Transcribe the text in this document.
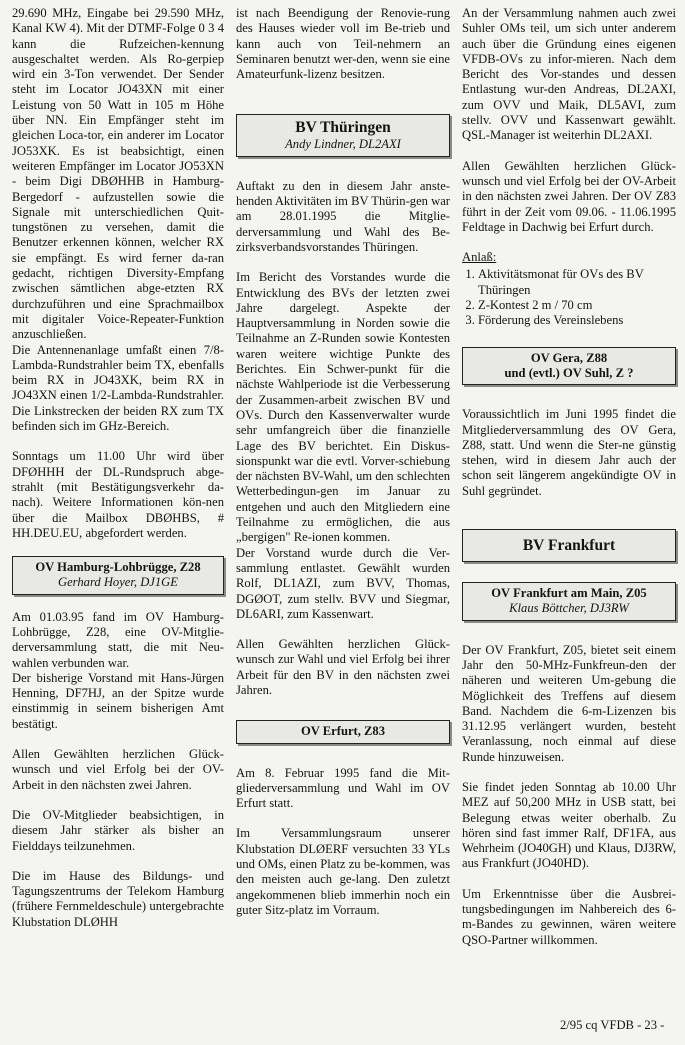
29.690 MHz, Eingabe bei 29.590 MHz, Kanal KW 4). Mit der DTMF-Folge 0 3 4 kann die Rufzeichen-kennung ausgeschaltet werden. Als Ro-gerpiep wird ein 3-Ton verwendet. Der Sender steht im Locator JO43XN mit einer Leistung von 50 Watt in 105 m Höhe über NN. Ein Empfänger steht im gleichen Loca-tor, ein anderer im Locator JO53XK. Es ist beabsichtigt, einen weiteren Empfänger im Locator JO53XN - beim Digi DBØHHB in Hamburg-Bergedorf - aufzustellen sowie die Signale mit unterschiedlichen Quit-tungstönen zu versehen, damit die Benutzer erkennen können, welcher RX sie empfängt. Es wird ferner da-ran gedacht, richtigen Diversity-Empfang zwischen sämtlichen abge-etzten RX durchzuführen und eine Sprachmailbox mit digitaler Voice-Repeater-Funktion anzuschließen.

Die Antennenanlage umfaßt einen 7/8-Lambda-Rundstrahler beim TX, ebenfalls beim RX in JO43XK, beim RX in JO43XN einen 1/2-Lambda-Rundstrahler. Die Linkstrecken der beiden RX zum TX befinden sich im GHz-Bereich.

Sonntags um 11.00 Uhr wird über DFØHHH der DL-Rundspruch abge-strahlt (mit Bestätigungsverkehr da-nach). Weitere Informationen kön-nen über die Mailbox DBØHBS, # HH.DEU.EU, abgefordert werden.

OV Hamburg-Lohbrügge, Z28
Gerhard Hoyer, DJ1GE

Am 01.03.95 fand im OV Hamburg-Lohbrügge, Z28, eine OV-Mitglie-derversammlung statt, die mit Neu-wahlen verbunden war.

Der bisherige Vorstand mit Hans-Jürgen Henning, DF7HJ, an der Spitze wurde einstimmig in seinem bisherigen Amt bestätigt.

Allen Gewählten herzlichen Glück-wunsch und viel Erfolg bei der OV-Arbeit in den nächsten zwei Jahren.

Die OV-Mitglieder beabsichtigen, in diesem Jahr stärker als bisher an Fielddays teilzunehmen.

Die im Hause des Bildungs- und Tagungszentrums der Telekom Hamburg (frühere Fernmeldeschule) untergebrachte Klubstation DLØHH

ist nach Beendigung der Renovie-rung des Hauses wieder voll im Be-trieb und kann auch von Teil-nehmern an Seminaren benutzt wer-den, wenn sie eine Amateurfunk-lizenz besitzen.

BV Thüringen
Andy Lindner, DL2AXI

Auftakt zu den in diesem Jahr anste-henden Aktivitäten im BV Thürin-gen war am 28.01.1995 die Mitglie-derversammlung und Wahl des Be-zirksverbandsvorstandes Thüringen.

Im Bericht des Vorstandes wurde die Entwicklung des BVs der letzten zwei Jahre dargelegt. Aspekte der Hauptversammlung in Norden sowie die Teilnahme an Z-Runden sowie Kontesten waren weitere wichtige Punkte des Berichtes. Ein Schwer-punkt für die nächste Wahlperiode ist die Verbesserung der Zusammen-arbeit zwischen BV und OVs. Durch den Kassenverwalter wurde sehr umfangreich über die finanzielle Lage des BV berichtet. Ein Diskus-sionspunkt war die evtl. Vorver-schiebung der nächsten BV-Wahl, um den schlechten Wetterbedingun-gen im Januar zu entgehen und auch den Mitgliedern eine Teilnahme zu ermöglichen, die aus „bergigen" Re-ionen kommen.

Der Vorstand wurde durch die Ver-sammlung entlastet. Gewählt wurden Rolf, DL1AZI, zum BVV, Thomas, DGØOT, zum stellv. BVV und Siegmar, DL6ARI, zum Kassenwart.

Allen Gewählten herzlichen Glück-wunsch zur Wahl und viel Erfolg bei ihrer Arbeit für den BV in den nächsten zwei Jahren.

OV Erfurt, Z83

Am 8. Februar 1995 fand die Mit-gliederversammlung und Wahl im OV Erfurt statt.

Im Versammlungsraum unserer Klubstation DLØERF versuchten 33 YLs und OMs, einen Platz zu be-kommen, was den meisten auch ge-lang. Den zuletzt angekommenen blieb immerhin noch ein guter Sitz-platz im Vorraum.

An der Versammlung nahmen auch zwei Suhler OMs teil, um sich unter anderem auch über die Gründung eines eigenen VFDB-OVs zu infor-mieren. Nach dem Bericht des Vor-standes und dessen Entlastung wur-den Andreas, DL2AXI, zum OVV und Maik, DL5AVI, zum stellv. OVV und Kassenwart gewählt. QSL-Manager ist weiterhin DL2AXI.

Allen Gewählten herzlichen Glück-wunsch und viel Erfolg bei der OV-Arbeit in den nächsten zwei Jahren. Der OV Z83 führt in der Zeit vom 09.06. - 11.06.1995 Feldtage in Dachwig bei Erfurt durch.

Anlaß:
1. Aktivitätsmonat für OVs des BV Thüringen
2. Z-Kontest 2 m / 70 cm
3. Förderung des Vereinslebens
OV Gera, Z88
und (evtl.) OV Suhl, Z ?

Voraussichtlich im Juni 1995 findet die Mitgliederversammlung des OV Gera, Z88, statt. Und wenn die Ster-ne günstig stehen, wird in diesem Jahr auch der schon seit längerem angekündigte OV in Suhl gegründet.

BV Frankfurt
OV Frankfurt am Main, Z05
Klaus Böttcher, DJ3RW

Der OV Frankfurt, Z05, bietet seit einem Jahr den 50-MHz-Funkfreun-den der näheren und weiteren Um-gebung die Möglichkeit des Treffens auf diesem Band. Nachdem die 6-m-Lizenzen bis 31.12.95 verlängert wurden, besteht Veranlassung, noch einmal auf diese Runde hinzuweisen.

Sie findet jeden Sonntag ab 10.00 Uhr MEZ auf 50,200 MHz in USB statt, bei Belegung etwas weiter oberhalb. Zu hören sind fast immer Ralf, DF1FA, aus Wehrheim (JO40GH) und Klaus, DJ3RW, aus Frankfurt (JO40HD).

Um Erkenntnisse über die Ausbrei-tungsbedingungen im Nahbereich des 6-m-Bandes zu gewinnen, wären weitere QSO-Partner willkommen.

2/95 cq VFDB - 23 -
